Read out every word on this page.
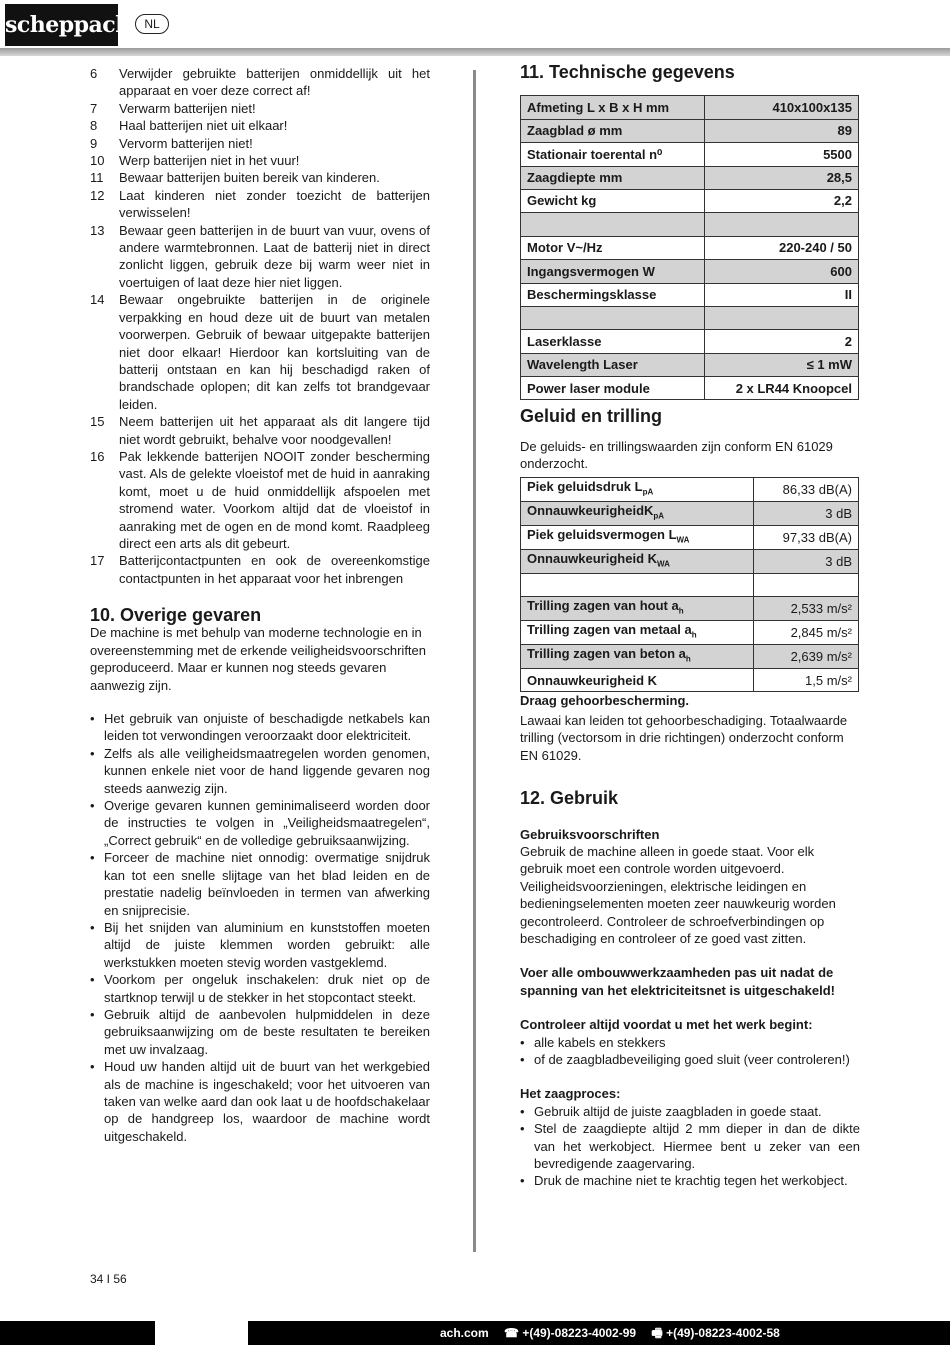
scheppach	NL
6	Verwijder gebruikte batterijen onmiddellijk uit het apparaat en voer deze correct af!
7	Verwarm batterijen niet!
8	Haal batterijen niet uit elkaar!
9	Vervorm batterijen niet!
10	Werp batterijen niet in het vuur!
11	Bewaar batterijen buiten bereik van kinderen.
12	Laat kinderen niet zonder toezicht de batterijen verwisselen!
13	Bewaar geen batterijen in de buurt van vuur, ovens of andere warmtebronnen. Laat de batterij niet in direct zonlicht liggen, gebruik deze bij warm weer niet in voertuigen of laat deze hier niet liggen.
14	Bewaar ongebruikte batterijen in de originele verpakking en houd deze uit de buurt van metalen voorwerpen. Gebruik of bewaar uitgepakte batterijen niet door elkaar! Hierdoor kan kortsluiting van de batterij ontstaan en kan hij beschadigd raken of brandschade oplopen; dit kan zelfs tot brandgevaar leiden.
15	Neem batterijen uit het apparaat als dit langere tijd niet wordt gebruikt, behalve voor noodgevallen!
16	Pak lekkende batterijen NOOIT zonder bescherming vast. Als de gelekte vloeistof met de huid in aanraking komt, moet u de huid onmiddellijk afspoelen met stromend water. Voorkom altijd dat de vloeistof in aanraking met de ogen en de mond komt. Raadpleeg direct een arts als dit gebeurt.
17	Batterijcontactpunten en ook de overeenkomstige contactpunten in het apparaat voor het inbrengen
10. Overige gevaren

De machine is met behulp van moderne technologie en in overeenstemming met de erkende veiligheidsvoorschriften geproduceerd. Maar er kunnen nog steeds gevaren aanwezig zijn.

• Het gebruik van onjuiste of beschadigde netkabels kan leiden tot verwondingen veroorzaakt door elektriciteit.
• Zelfs als alle veiligheidsmaatregelen worden genomen, kunnen enkele niet voor de hand liggende gevaren nog steeds aanwezig zijn.
• Overige gevaren kunnen geminimaliseerd worden door de instructies te volgen in „Veiligheidsmaatregelen“, „Correct gebruik“ en de volledige gebruiksaanwijzing.
• Forceer de machine niet onnodig: overmatige snijdruk kan tot een snelle slijtage van het blad leiden en de prestatie nadelig beïnvloeden in termen van afwerking en snijprecisie.
• Bij het snijden van aluminium en kunststoffen moeten altijd de juiste klemmen worden gebruikt: alle werkstukken moeten stevig worden vastgeklemd.
• Voorkom per ongeluk inschakelen: druk niet op de startknop terwijl u de stekker in het stopcontact steekt.
• Gebruik altijd de aanbevolen hulpmiddelen in deze gebruiksaanwijzing om de beste resultaten te bereiken met uw invalzaag.
• Houd uw handen altijd uit de buurt van het werkgebied als de machine is ingeschakeld; voor het uitvoeren van taken van welke aard dan ook laat u de hoofdschakelaar op de handgreep los, waardoor de machine wordt uitgeschakeld.
34 I 56
11. Technische gegevens
Afmeting L x B x H mm	410x100x135
Zaagblad ø mm	89
Stationair toerental n⁰	5500
Zaagdiepte mm	28,5
Gewicht kg	2,2

Motor V~/Hz	220-240 / 50
Ingangsvermogen W	600
Beschermingsklasse	II

Laserklasse	2
Wavelength Laser	≤ 1 mW
Power laser module	2 x LR44 Knoopcel
Geluid en trilling
De geluids- en trillingswaarden zijn conform EN 61029 onderzocht.
Piek geluidsdruk $L_{pA}$	86,33 dB(A)
OnnauwkeurigheidK$_{pA}$	3 dB
Piek geluidsvermogen $L_{WA}$	97,33 dB(A)
Onnauwkeurigheid $K_{WA}$	3 dB

Trilling zagen van hout $a_h$	2,533 m/s²
Trilling zagen van metaal $a_h$	2,845 m/s²
Trilling zagen van beton $a_h$	2,639 m/s²
Onnauwkeurigheid K	1,5 m/s²
Draag gehoorbescherming.
Lawaai kan leiden tot gehoorbeschadiging. Totaalwaarde trilling (vectorsom in drie richtingen) onderzocht conform EN 61029.
12. Gebruik
Gebruiksvoorschriften
Gebruik de machine alleen in goede staat. Voor elk gebruik moet een controle worden uitgevoerd. Veiligheidsvoorzieningen, elektrische leidingen en bedieningselementen moeten zeer nauwkeurig worden gecontroleerd. Controleer de schroefverbindingen op beschadiging en controleer of ze goed vast zitten.
Voer alle ombouwwerkzaamheden pas uit nadat de spanning van het elektriciteitsnet is uitgeschakeld!
Controleer altijd voordat u met het werk begint:
• alle kabels en stekkers
• of de zaagbladbeveiliging goed sluit (veer controleren!)
Het zaagproces:
• Gebruik altijd de juiste zaagbladen in goede staat.
• Stel de zaagdiepte altijd 2 mm dieper in dan de dikte van het werkobject. Hiermee bent u zeker van een bevredigende zaagervaring.
• Druk de machine niet te krachtig tegen het werkobject.
ach.com ☎ +(49)-08223-4002-99 🖷 +(49)-08223-4002-58
